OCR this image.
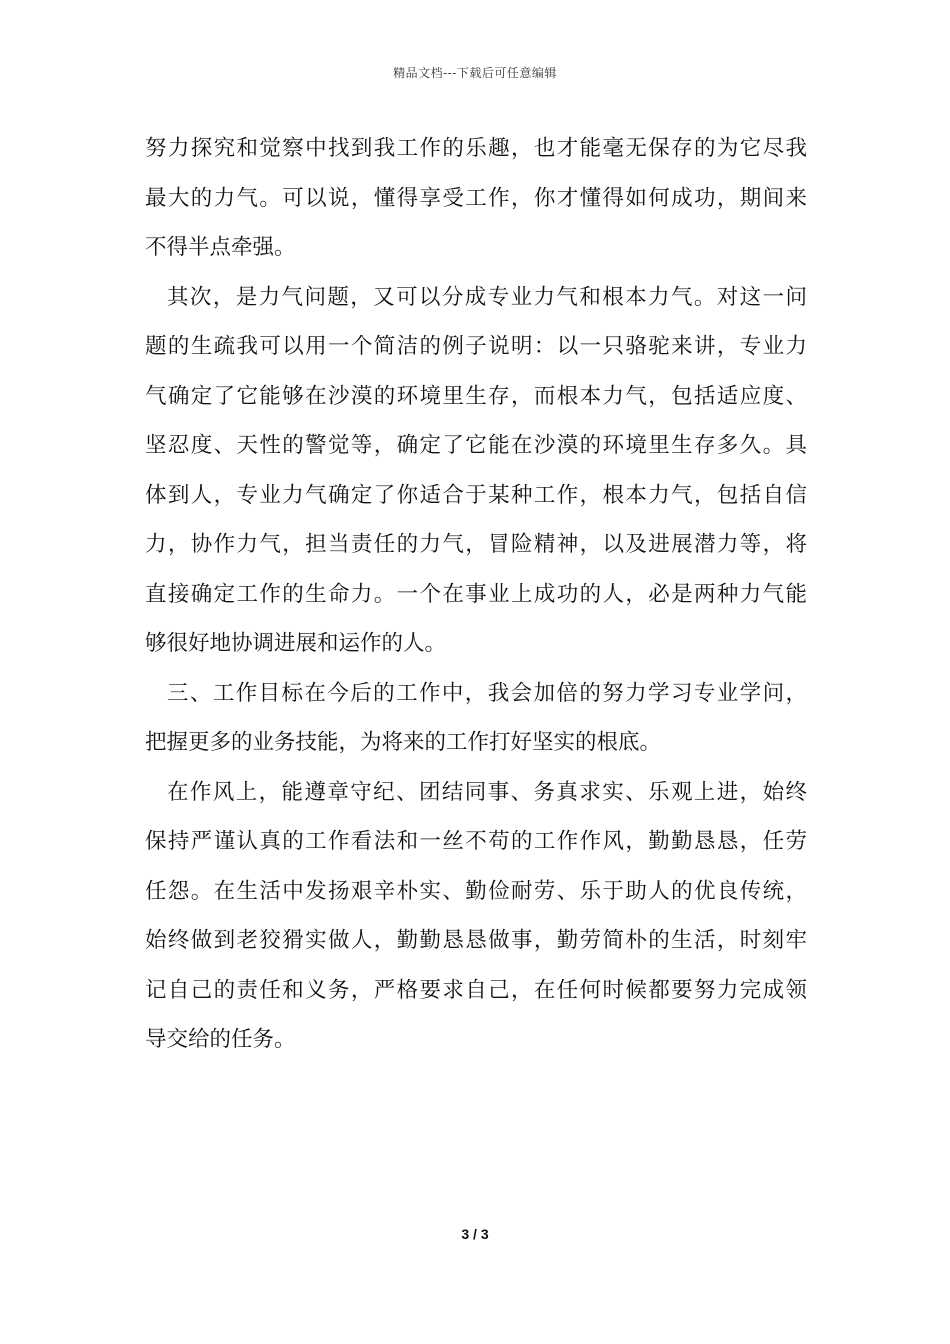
精品文档---下载后可任意编辑
努力探究和觉察中找到我工作的乐趣，也才能毫无保存的为它尽我
最大的力气。可以说，懂得享受工作，你才懂得如何成功，期间来
不得半点牵强。
其次，是力气问题，又可以分成专业力气和根本力气。对这一问
题的生疏我可以用一个简洁的例子说明：以一只骆驼来讲，专业力
气确定了它能够在沙漠的环境里生存，而根本力气，包括适应度、
坚忍度、天性的警觉等，确定了它能在沙漠的环境里生存多久。具
体到人，专业力气确定了你适合于某种工作，根本力气，包括自信
力，协作力气，担当责任的力气，冒险精神，以及进展潜力等，将
直接确定工作的生命力。一个在事业上成功的人，必是两种力气能
够很好地协调进展和运作的人。
三、工作目标在今后的工作中，我会加倍的努力学习专业学问，
把握更多的业务技能，为将来的工作打好坚实的根底。
在作风上，能遵章守纪、团结同事、务真求实、乐观上进，始终
保持严谨认真的工作看法和一丝不苟的工作作风，勤勤恳恳，任劳
任怨。在生活中发扬艰辛朴实、勤俭耐劳、乐于助人的优良传统，
始终做到老狡猾实做人，勤勤恳恳做事，勤劳简朴的生活，时刻牢
记自己的责任和义务，严格要求自己，在任何时候都要努力完成领
导交给的任务。
3 / 3
